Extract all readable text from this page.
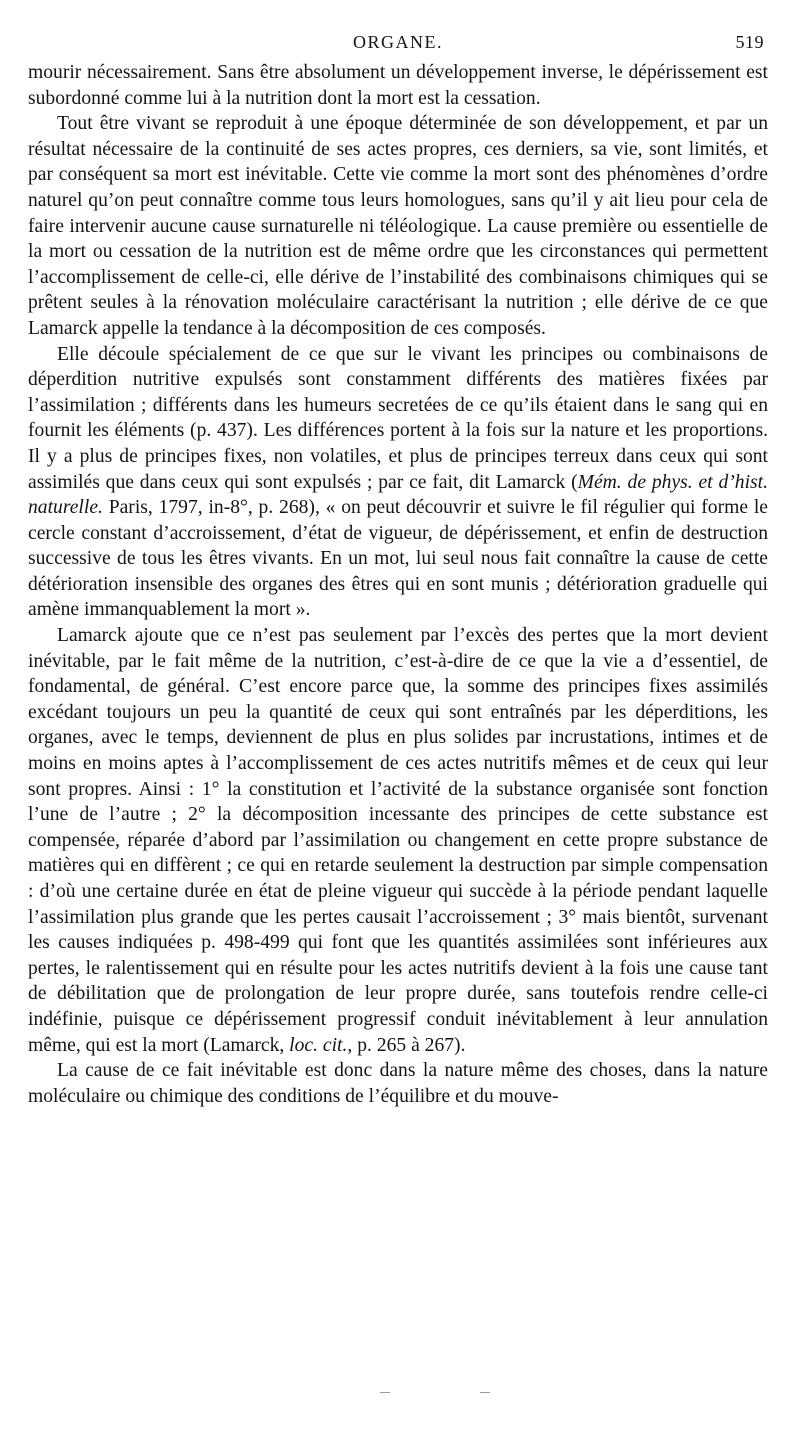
ORGANE.	519

mourir nécessairement. Sans être absolument un développement inverse, le dépérissement est subordonné comme lui à la nutrition dont la mort est la cessation.

Tout être vivant se reproduit à une époque déterminée de son développement, et par un résultat nécessaire de la continuité de ses actes propres, ces derniers, sa vie, sont limités, et par conséquent sa mort est inévitable. Cette vie comme la mort sont des phénomènes d’ordre naturel qu’on peut connaître comme tous leurs homologues, sans qu’il y ait lieu pour cela de faire intervenir aucune cause surnaturelle ni téléologique. La cause première ou essentielle de la mort ou cessation de la nutrition est de même ordre que les circonstances qui permettent l’accomplissement de celle-ci, elle dérive de l’instabilité des combinaisons chimiques qui se prêtent seules à la rénovation moléculaire caractérisant la nutrition ; elle dérive de ce que Lamarck appelle la tendance à la décomposition de ces composés.

Elle découle spécialement de ce que sur le vivant les principes ou combinaisons de déperdition nutritive expulsés sont constamment différents des matières fixées par l’assimilation ; différents dans les humeurs secretées de ce qu’ils étaient dans le sang qui en fournit les éléments (p. 437). Les différences portent à la fois sur la nature et les proportions. Il y a plus de principes fixes, non volatiles, et plus de principes terreux dans ceux qui sont assimilés que dans ceux qui sont expulsés ; par ce fait, dit Lamarck (Mém. de phys. et d’hist. naturelle. Paris, 1797, in-8°, p. 268), « on peut découvrir et suivre le fil régulier qui forme le cercle constant d’accroissement, d’état de vigueur, de dépérissement, et enfin de destruction successive de tous les êtres vivants. En un mot, lui seul nous fait connaître la cause de cette détérioration insensible des organes des êtres qui en sont munis ; détérioration graduelle qui amène immanquablement la mort ».

Lamarck ajoute que ce n’est pas seulement par l’excès des pertes que la mort devient inévitable, par le fait même de la nutrition, c’est-à-dire de ce que la vie a d’essentiel, de fondamental, de général. C’est encore parce que, la somme des principes fixes assimilés excédant toujours un peu la quantité de ceux qui sont entraînés par les déperditions, les organes, avec le temps, deviennent de plus en plus solides par incrustations, intimes et de moins en moins aptes à l’accomplissement de ces actes nutritifs mêmes et de ceux qui leur sont propres. Ainsi : 1° la constitution et l’activité de la substance organisée sont fonction l’une de l’autre ; 2° la décomposition incessante des principes de cette substance est compensée, réparée d’abord par l’assimilation ou changement en cette propre substance de matières qui en diffèrent ; ce qui en retarde seulement la destruction par simple compensation : d’où une certaine durée en état de pleine vigueur qui succède à la période pendant laquelle l’assimilation plus grande que les pertes causait l’accroissement ; 3° mais bientôt, survenant les causes indiquées p. 498-499 qui font que les quantités assimilées sont inférieures aux pertes, le ralentissement qui en résulte pour les actes nutritifs devient à la fois une cause tant de débilitation que de prolongation de leur propre durée, sans toutefois rendre celle-ci indéfinie, puisque ce dépérissement progressif conduit inévitablement à leur annulation même, qui est la mort (Lamarck, loc. cit., p. 265 à 267).

La cause de ce fait inévitable est donc dans la nature même des choses, dans la nature moléculaire ou chimique des conditions de l’équilibre et du mouve-
